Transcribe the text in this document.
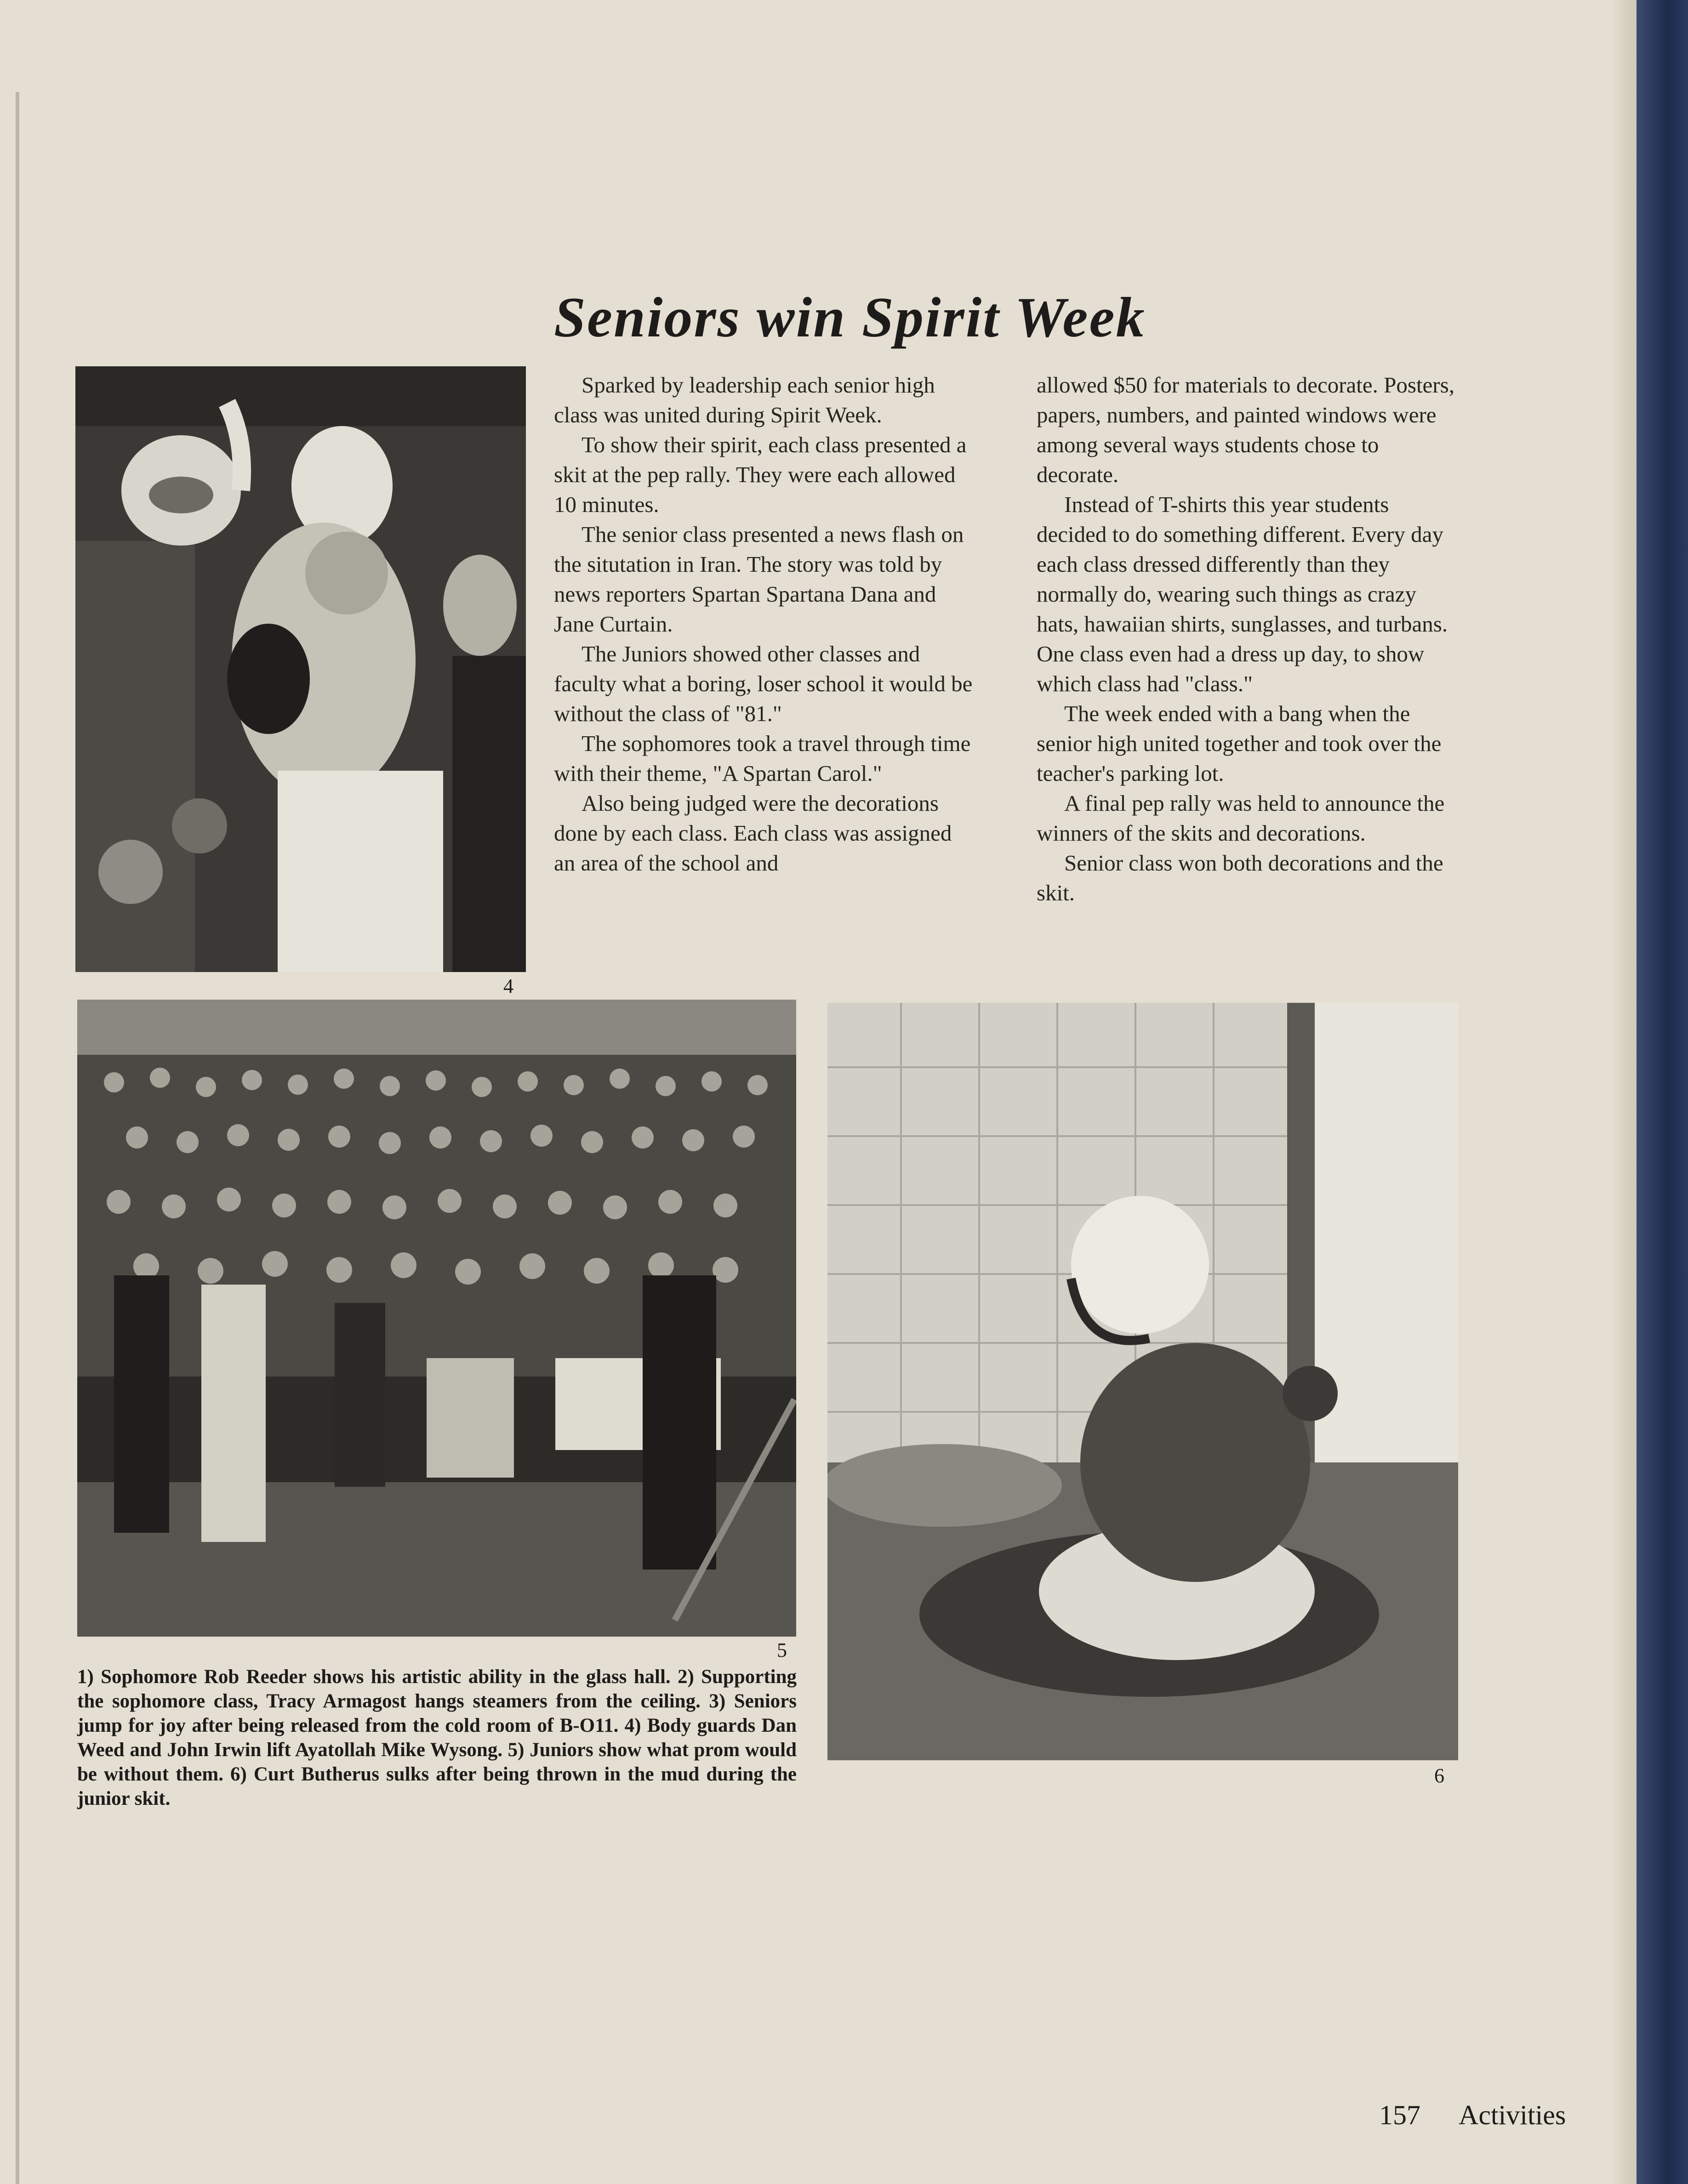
Seniors win Spirit Week
4
5
6

Sparked by leadership each senior high class was united during Spirit Week.

To show their spirit, each class presented a skit at the pep rally. They were each allowed 10 minutes.

The senior class presented a news flash on the situtation in Iran. The story was told by news reporters Spartan Spartana Dana and Jane Curtain.

The Juniors showed other classes and faculty what a boring, loser school it would be without the class of "81."

The sophomores took a travel through time with their theme, "A Spartan Carol."

Also being judged were the decorations done by each class. Each class was assigned an area of the school and

allowed $50 for materials to decorate. Posters, papers, numbers, and painted windows were among several ways students chose to decorate.

Instead of T-shirts this year students decided to do something different. Every day each class dressed differently than they normally do, wearing such things as crazy hats, hawaiian shirts, sunglasses, and turbans. One class even had a dress up day, to show which class had "class."

The week ended with a bang when the senior high united together and took over the teacher's parking lot.

A final pep rally was held to announce the winners of the skits and decorations.

Senior class won both decorations and the skit.

1) Sophomore Rob Reeder shows his artistic ability in the glass hall. 2) Supporting the sophomore class, Tracy Armagost hangs steamers from the ceiling. 3) Seniors jump for joy after being released from the cold room of B-O11. 4) Body guards Dan Weed and John Irwin lift Ayatollah Mike Wysong. 5) Juniors show what prom would be without them. 6) Curt Butherus sulks after being thrown in the mud during the junior skit.
157 Activities
